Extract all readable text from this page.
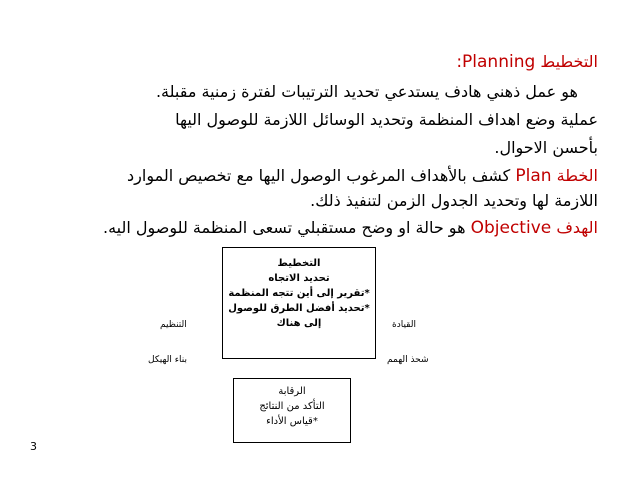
التخطيط :Planning
هو عمل ذهني هادف يستدعي تحديد الترتيبات لفترة زمنية مقبلة.
عملية وضع اهداف المنظمة وتحديد الوسائل اللازمة للوصول اليها
بأحسن الاحوال.
الخطة Plan كشف بالأهداف المرغوب الوصول اليها مع تخصيص الموارد
اللازمة لها وتحديد الجدول الزمن لتنفيذ ذلك.
الهدف Objective هو حالة او وضح مستقبلي تسعى المنظمة للوصول اليه.
التخطيط
تحديد الاتجاه
*تقرير إلى أين تتجه المنظمة
*تحديد أفضل الطرق للوصول
إلى هناك
الرقابة
التأكد من النتائج
*قياس الأداء
التنظيم
بناء الهيكل
القيادة
شحذ الهمم
3
